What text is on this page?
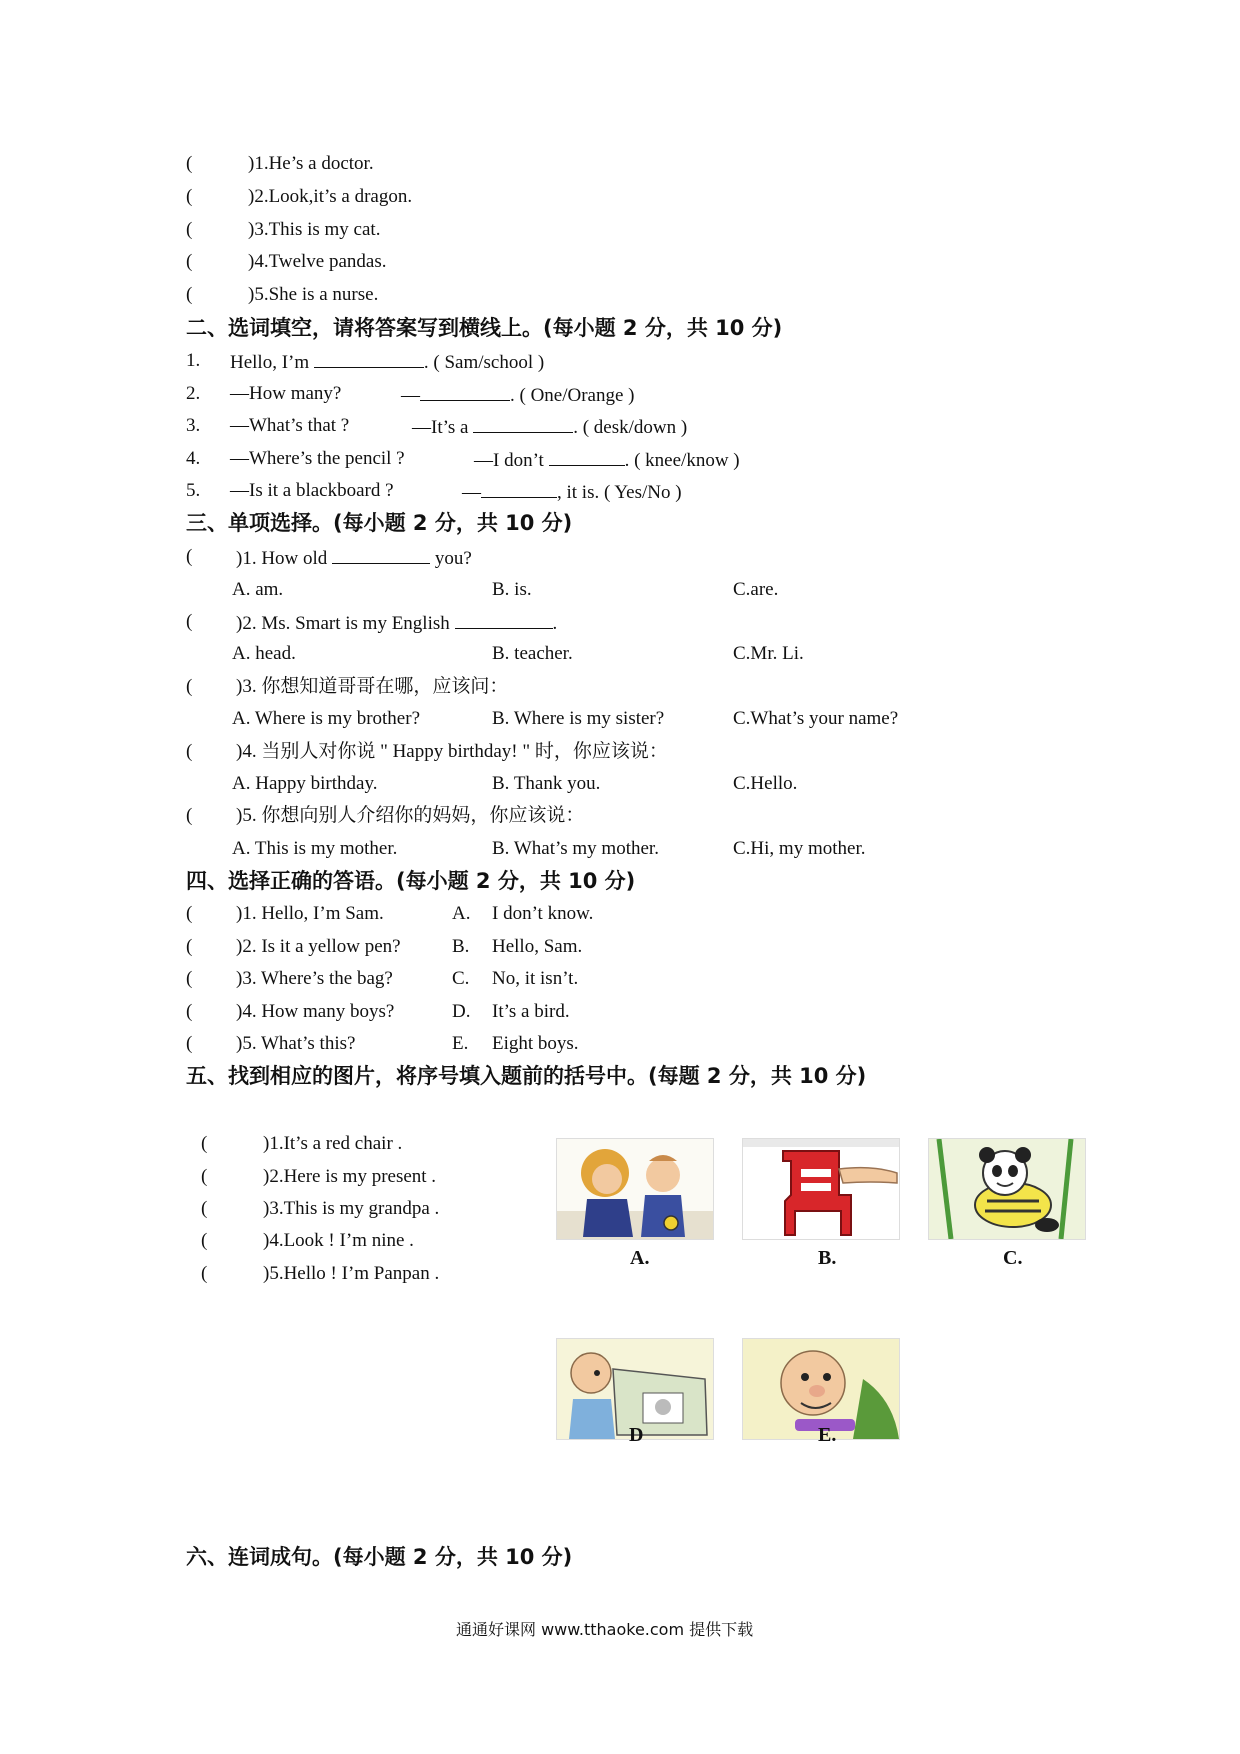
(	)1.He’s a doctor.
(	)2.Look,it’s a dragon.
(	)3.This is my cat.
(	)4.Twelve pandas.
(	)5.She is a nurse.
二、选词填空，请将答案写到横线上。(每小题 2 分，共 10 分)
1. Hello, I’m	. ( Sam/school )
2. —How many?	—	. ( One/Orange )
3. —What’s that ?	—It’s a	. ( desk/down )
4. —Where’s the pencil ?	—I don’t	. ( knee/know )
5. —Is it a blackboard ?	—	, it is. ( Yes/No )
三、单项选择。(每小题 2 分，共 10 分)
( )1. How old	you?
A. am.	B. is.	C.are.
( )2. Ms. Smart is my English	.
A. head.	B. teacher.	C.Mr. Li.
( )3. 你想知道哥哥在哪，应该问：
A. Where is my brother?	B. Where is my sister?	C.What’s your name?
( )4. 当别人对你说 " Happy birthday! " 时，你应该说：
A. Happy birthday.	B. Thank you.	C.Hello.
( )5. 你想向别人介绍你的妈妈，你应该说：
A. This is my mother.	B. What’s my mother.	C.Hi, my mother.
四、选择正确的答语。(每小题 2 分，共 10 分)
( )1. Hello, I’m Sam.	A. I don’t know.
( )2. Is it a yellow pen?	B. Hello, Sam.
( )3. Where’s the bag?	C. No, it isn’t.
( )4. How many boys?	D. It’s a bird.
( )5. What’s this?	E. Eight boys.
五、找到相应的图片，将序号填入题前的括号中。(每题 2 分，共 10 分)
(	)1.It’s a red chair .
(	)2.Here is my present .
(	)3.This is my grandpa .
(	)4.Look ! I’m nine .
(	)5.Hello ! I’m Panpan .
A.	B.	C.
D	E.
六、连词成句。(每小题 2 分，共 10 分)
通通好课网 www.tthaoke.com 提供下载
